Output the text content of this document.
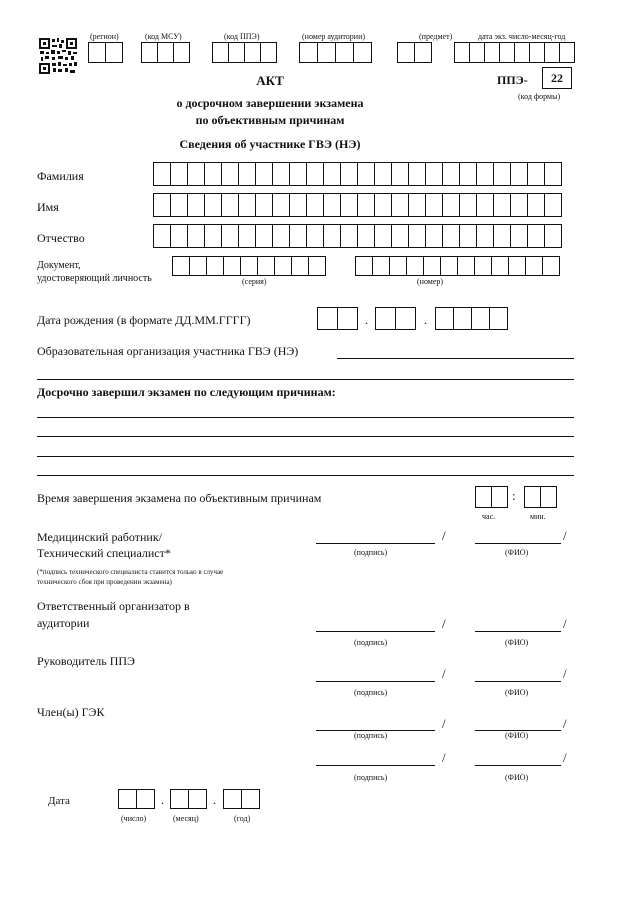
(регион)	(код МСУ)	(код ППЭ)	(номер аудитории)	(предмет)	дата экз. число-месяц-год
АКТ
о досрочном завершении экзамена
по объективным причинам
Сведения об участнике ГВЭ (НЭ)
ППЭ-	22
(код формы)
Фамилия
Имя
Отчество
Документ,
удостоверяющий личность	(серия)	(номер)
Дата рождения (в формате ДД.ММ.ГГГГ)	.	.
Образовательная организация участника ГВЭ (НЭ)
Досрочно завершил экзамен по следующим причинам:
Время завершения экзамена по объективным причинам	:
час.	мин.
Медицинский работник/
Технический специалист*
(*подпись технического специалиста ставится только в случае
технического сбоя при проведении экзамена)
/	/
(подпись)	(ФИО)
Ответственный организатор в
аудитории	/	/
(подпись)	(ФИО)
Руководитель ППЭ
/	/
(подпись)	(ФИО)
Член(ы) ГЭК
/	/
(подпись)	(ФИО)
/	/
(подпись)	(ФИО)
Дата	.	.
(число)	(месяц)	(год)
